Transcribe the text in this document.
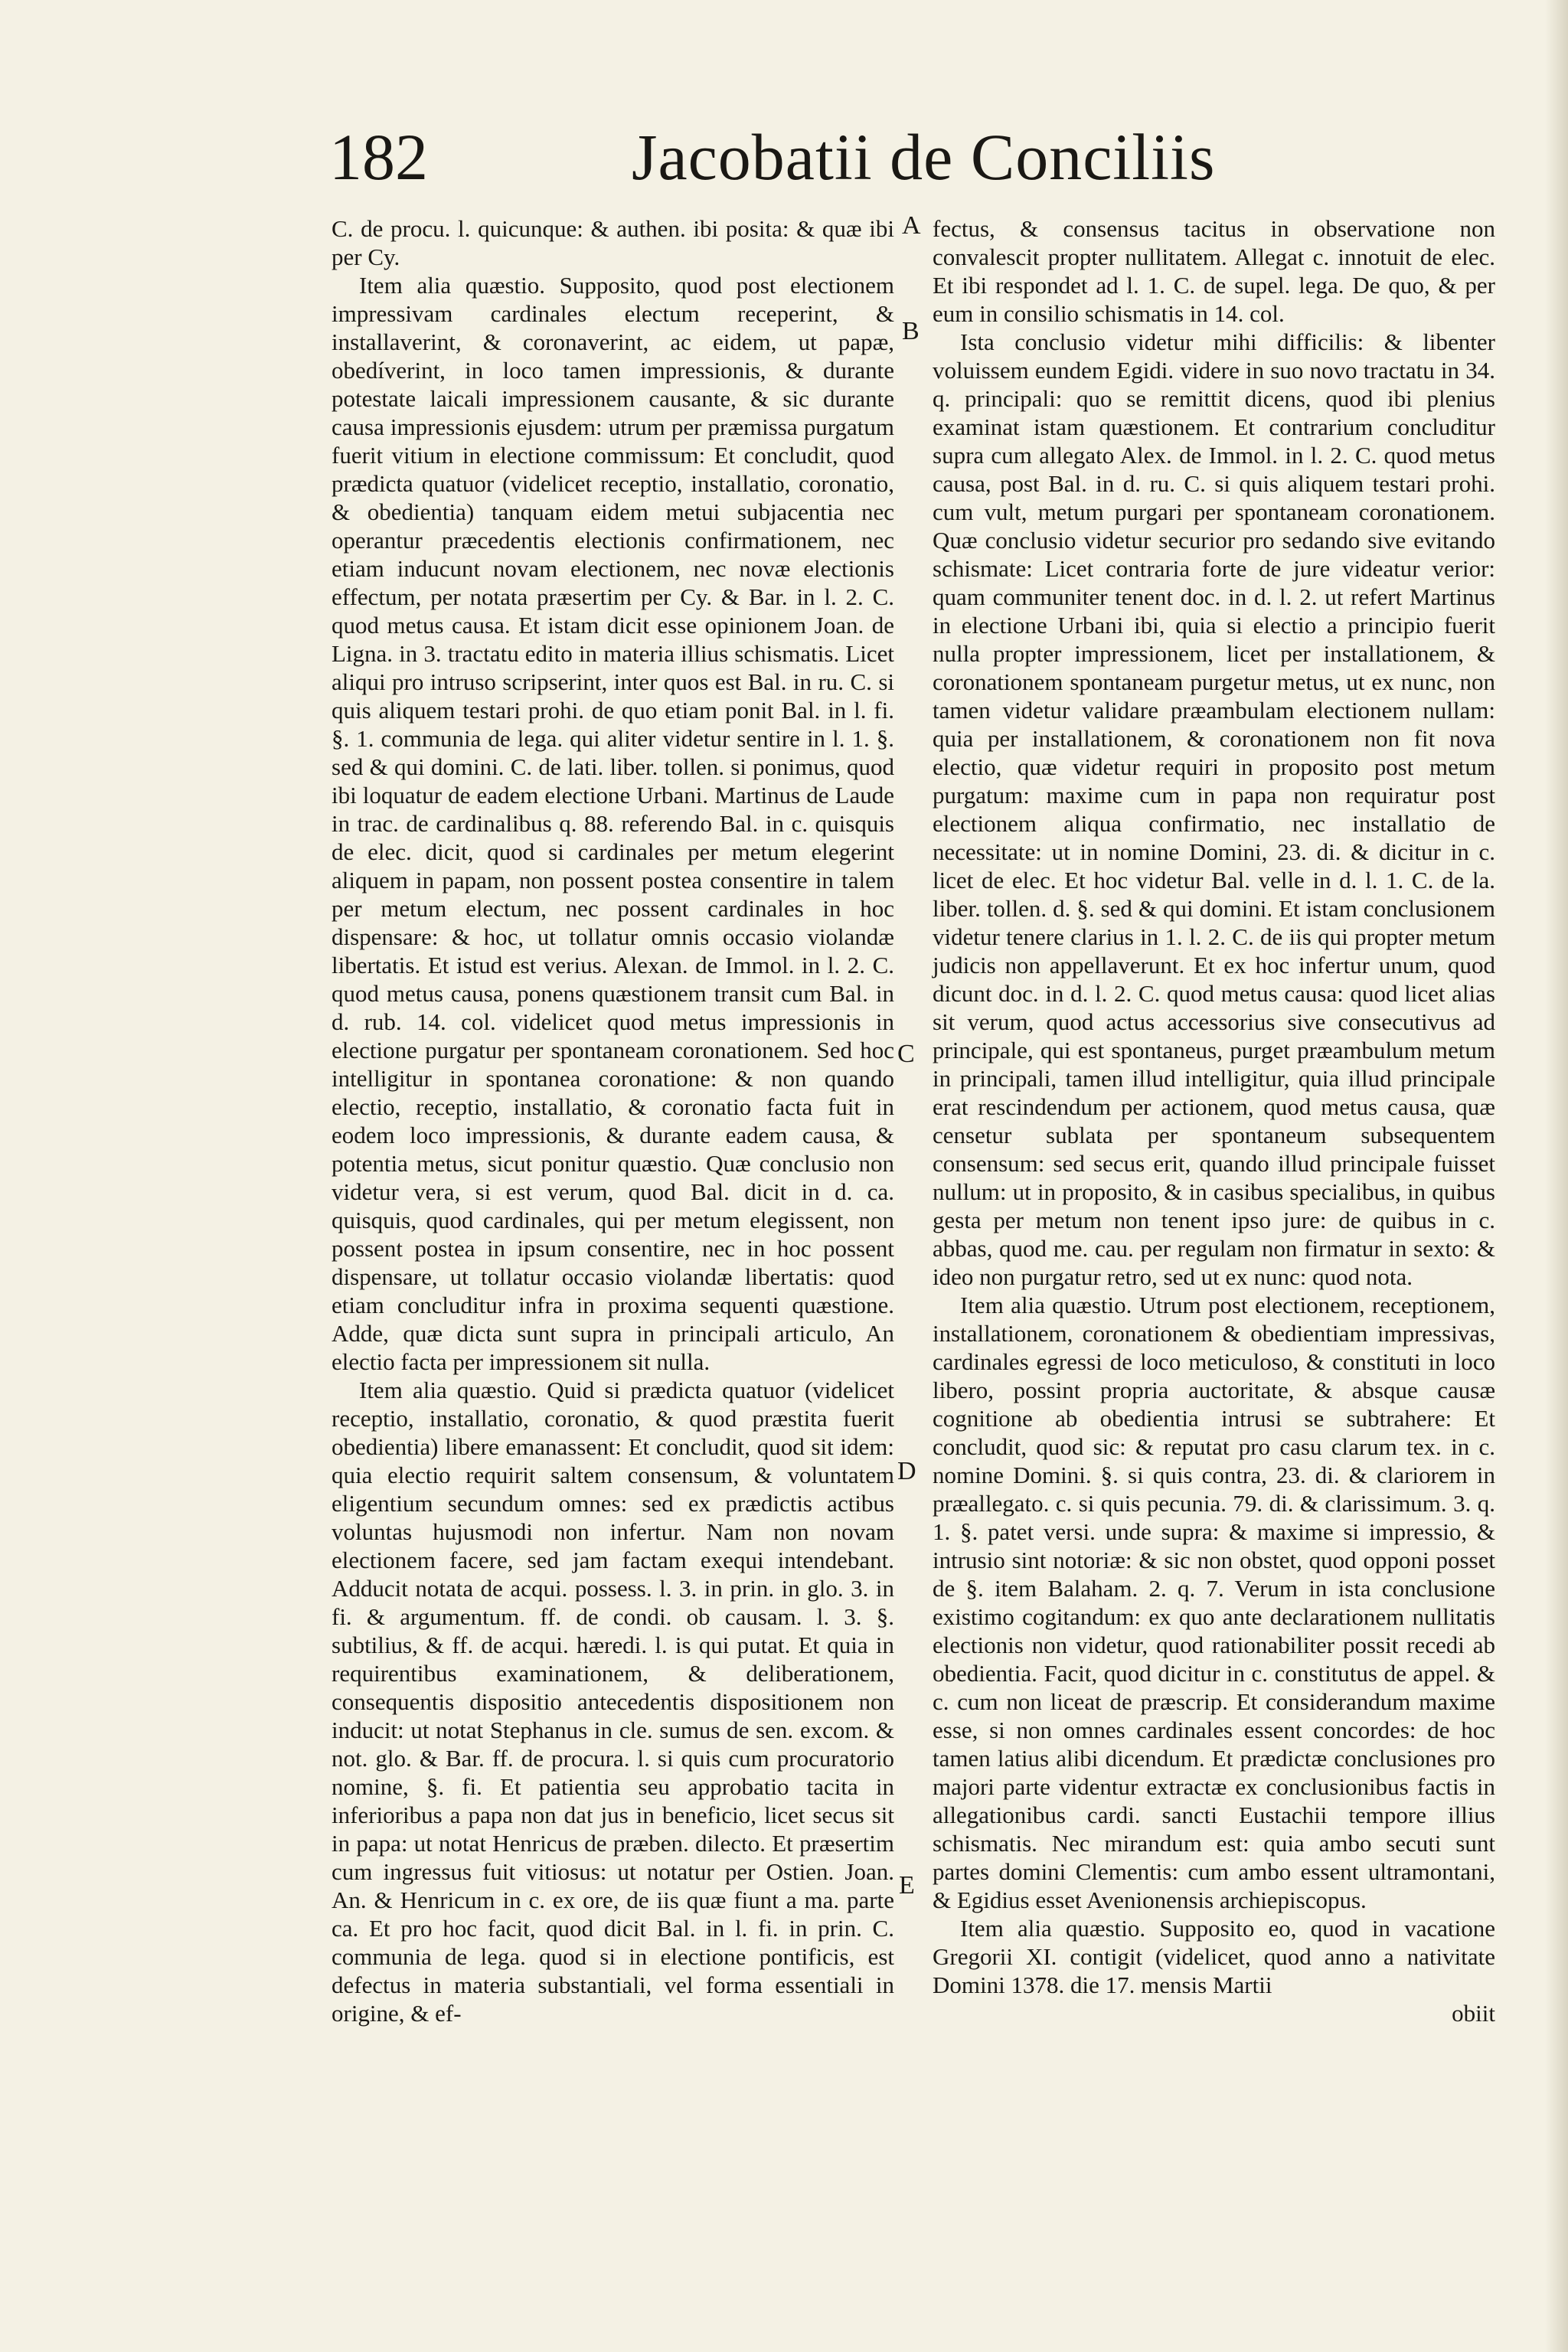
182	Jacobatii de Conciliis

C. de procu. l. quicunque: & authen. ibi posita: & quæ ibi per Cy.

Item alia quæstio. Supposito, quod post electionem impressivam cardinales electum receperint, & installaverint, & coronaverint, ac eidem, ut papæ, obedíverint, in loco tamen impressionis, & durante potestate laicali impressionem causante, & sic durante causa impressionis ejusdem: utrum per præmissa purgatum fuerit vitium in electione commissum: Et concludit, quod prædicta quatuor (videlicet receptio, installatio, coronatio, & obedientia) tanquam eidem metui subjacentia nec operantur præcedentis electionis confirmationem, nec etiam inducunt novam electionem, nec novæ electionis effectum, per notata præsertim per Cy. & Bar. in l. 2. C. quod metus causa. Et istam dicit esse opinionem Joan. de Ligna. in 3. tractatu edito in materia illius schismatis. Licet aliqui pro intruso scripserint, inter quos est Bal. in ru. C. si quis aliquem testari prohi. de quo etiam ponit Bal. in l. fi. §. 1. communia de lega. qui aliter videtur sentire in l. 1. §. sed & qui domini. C. de lati. liber. tollen. si ponimus, quod ibi loquatur de eadem electione Urbani. Martinus de Laude in trac. de cardinalibus q. 88. referendo Bal. in c. quisquis de elec. dicit, quod si cardinales per metum elegerint aliquem in papam, non possent postea consentire in talem per metum electum, nec possent cardinales in hoc dispensare: & hoc, ut tollatur omnis occasio violandæ libertatis. Et istud est verius. Alexan. de Immol. in l. 2. C. quod metus causa, ponens quæstionem transit cum Bal. in d. rub. 14. col. videlicet quod metus impressionis in electione purgatur per spontaneam coronationem. Sed hoc intelligitur in spontanea coronatione: & non quando electio, receptio, installatio, & coronatio facta fuit in eodem loco impressionis, & durante eadem causa, & potentia metus, sicut ponitur quæstio. Quæ conclusio non videtur vera, si est verum, quod Bal. dicit in d. ca. quisquis, quod cardinales, qui per metum elegissent, non possent postea in ipsum consentire, nec in hoc possent dispensare, ut tollatur occasio violandæ libertatis: quod etiam concluditur infra in proxima sequenti quæstione. Adde, quæ dicta sunt supra in principali articulo, An electio facta per impressionem sit nulla.

Item alia quæstio. Quid si prædicta quatuor (videlicet receptio, installatio, coronatio, & quod præstita fuerit obedientia) libere emanassent: Et concludit, quod sit idem: quia electio requirit saltem consensum, & voluntatem eligentium secundum omnes: sed ex prædictis actibus voluntas hujusmodi non infertur. Nam non novam electionem facere, sed jam factam exequi intendebant. Adducit notata de acqui. possess. l. 3. in prin. in glo. 3. in fi. & argumentum. ff. de condi. ob causam. l. 3. §. subtilius, & ff. de acqui. hæredi. l. is qui putat. Et quia in requirentibus examinationem, & deliberationem, consequentis dispositio antecedentis dispositionem non inducit: ut notat Stephanus in cle. sumus de sen. excom. & not. glo. & Bar. ff. de procura. l. si quis cum procuratorio nomine, §. fi. Et patientia seu approbatio tacita in inferioribus a papa non dat jus in beneficio, licet secus sit in papa: ut notat Henricus de præben. dilecto. Et præsertim cum ingressus fuit vitiosus: ut notatur per Ostien. Joan. An. & Henricum in c. ex ore, de iis quæ fiunt a ma. parte ca. Et pro hoc facit, quod dicit Bal. in l. fi. in prin. C. communia de lega. quod si in electione pontificis, est defectus in materia substantiali, vel forma essentiali in origine, & ef-

A
B
C
D
E

fectus, & consensus tacitus in observatione non convalescit propter nullitatem. Allegat c. innotuit de elec. Et ibi respondet ad l. 1. C. de supel. lega. De quo, & per eum in consilio schismatis in 14. col.

Ista conclusio videtur mihi difficilis: & libenter voluissem eundem Egidi. videre in suo novo tractatu in 34. q. principali: quo se remittit dicens, quod ibi plenius examinat istam quæstionem. Et contrarium concluditur supra cum allegato Alex. de Immol. in l. 2. C. quod metus causa, post Bal. in d. ru. C. si quis aliquem testari prohi. cum vult, metum purgari per spontaneam coronationem. Quæ conclusio videtur securior pro sedando sive evitando schismate: Licet contraria forte de jure videatur verior: quam communiter tenent doc. in d. l. 2. ut refert Martinus in electione Urbani ibi, quia si electio a principio fuerit nulla propter impressionem, licet per installationem, & coronationem spontaneam purgetur metus, ut ex nunc, non tamen videtur validare præambulam electionem nullam: quia per installationem, & coronationem non fit nova electio, quæ videtur requiri in proposito post metum purgatum: maxime cum in papa non requiratur post electionem aliqua confirmatio, nec installatio de necessitate: ut in nomine Domini, 23. di. & dicitur in c. licet de elec. Et hoc videtur Bal. velle in d. l. 1. C. de la. liber. tollen. d. §. sed & qui domini. Et istam conclusionem videtur tenere clarius in 1. l. 2. C. de iis qui propter metum judicis non appellaverunt. Et ex hoc infertur unum, quod dicunt doc. in d. l. 2. C. quod metus causa: quod licet alias sit verum, quod actus accessorius sive consecutivus ad principale, qui est spontaneus, purget præambulum metum in principali, tamen illud intelligitur, quia illud principale erat rescindendum per actionem, quod metus causa, quæ censetur sublata per spontaneum subsequentem consensum: sed secus erit, quando illud principale fuisset nullum: ut in proposito, & in casibus specialibus, in quibus gesta per metum non tenent ipso jure: de quibus in c. abbas, quod me. cau. per regulam non firmatur in sexto: & ideo non purgatur retro, sed ut ex nunc: quod nota.

Item alia quæstio. Utrum post electionem, receptionem, installationem, coronationem & obedientiam impressivas, cardinales egressi de loco meticuloso, & constituti in loco libero, possint propria auctoritate, & absque causæ cognitione ab obedientia intrusi se subtrahere: Et concludit, quod sic: & reputat pro casu clarum tex. in c. nomine Domini. §. si quis contra, 23. di. & clariorem in præallegato. c. si quis pecunia. 79. di. & clarissimum. 3. q. 1. §. patet versi. unde supra: & maxime si impressio, & intrusio sint notoriæ: & sic non obstet, quod opponi posset de §. item Balaham. 2. q. 7. Verum in ista conclusione existimo cogitandum: ex quo ante declarationem nullitatis electionis non videtur, quod rationabiliter possit recedi ab obedientia. Facit, quod dicitur in c. constitutus de appel. & c. cum non liceat de præscrip. Et considerandum maxime esse, si non omnes cardinales essent concordes: de hoc tamen latius alibi dicendum. Et prædictæ conclusiones pro majori parte videntur extractæ ex conclusionibus factis in allegationibus cardi. sancti Eustachii tempore illius schismatis. Nec mirandum est: quia ambo secuti sunt partes domini Clementis: cum ambo essent ultramontani, & Egidius esset Avenionensis archiepiscopus.

Item alia quæstio. Supposito eo, quod in vacatione Gregorii XI. contigit (videlicet, quod anno a nativitate Domini 1378. die 17. mensis Martii

obiit
